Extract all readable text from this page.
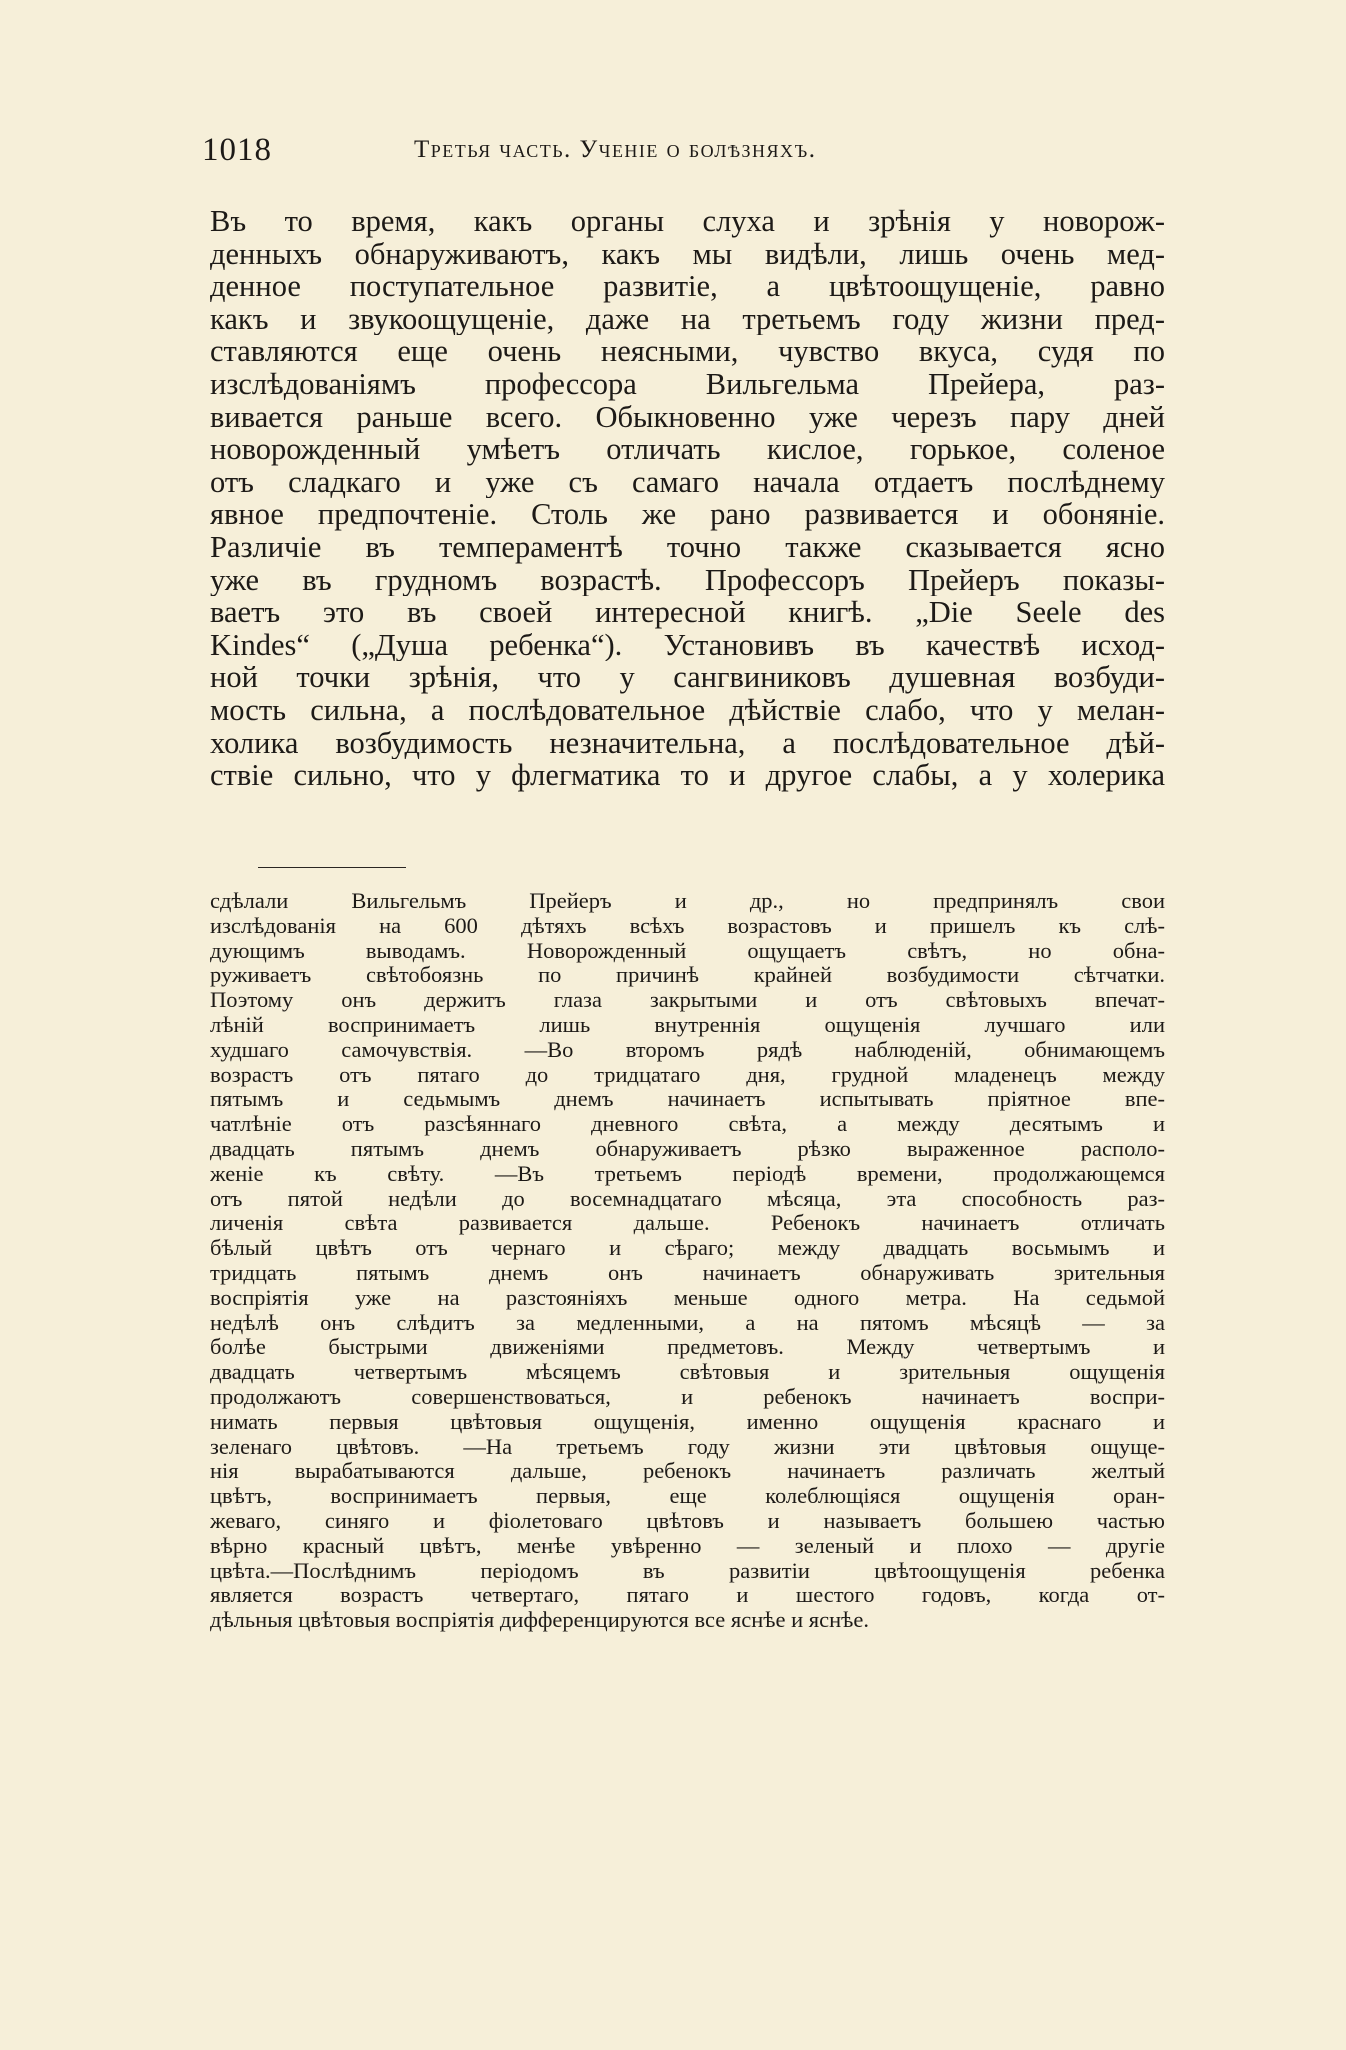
1018	Третья часть. Ученіе о болѣзняхъ.
Въ то время, какъ органы слуха и зрѣнія у новорож-
денныхъ обнаруживаютъ, какъ мы видѣли, лишь очень мед-
денное поступательное развитіе, а цвѣтоощущеніе, равно
какъ и звукоощущеніе, даже на третьемъ году жизни пред-
ставляются еще очень неясными, чувство вкуса, судя по
изслѣдованіямъ профессора Вильгельма Прейера, раз-
вивается раньше всего. Обыкновенно уже черезъ пару дней
новорожденный умѣетъ отличать кислое, горькое, соленое
отъ сладкаго и уже съ самаго начала отдаетъ послѣднему
явное предпочтеніе. Столь же рано развивается и обоняніе.
Различіе въ темпераментѣ точно также сказывается ясно
уже въ грудномъ возрастѣ. Профессоръ Прейеръ показы-
ваетъ это въ своей интересной книгѣ. „Die Seele des
Kindes“ („Душа ребенка“). Установивъ въ качествѣ исход-
ной точки зрѣнія, что у сангвиниковъ душевная возбуди-
мость сильна, а послѣдовательное дѣйствіе слабо, что у мелан-
холика возбудимость незначительна, а послѣдовательное дѣй-
ствіе сильно, что у флегматика то и другое слабы, а у холерика
сдѣлали Вильгельмъ Прейеръ и др., но предпринялъ свои
изслѣдованія на 600 дѣтяхъ всѣхъ возрастовъ и пришелъ къ слѣ-
дующимъ выводамъ. Новорожденный ощущаетъ свѣтъ, но обна-
руживаетъ свѣтобоязнь по причинѣ крайней возбудимости сѣтчатки.
Поэтому онъ держитъ глаза закрытыми и отъ свѣтовыхъ впечат-
лѣній воспринимаетъ лишь внутреннія ощущенія лучшаго или
худшаго самочувствія. —Во второмъ рядѣ наблюденій, обнимающемъ
возрастъ отъ пятаго до тридцатаго дня, грудной младенецъ между
пятымъ и седьмымъ днемъ начинаетъ испытывать пріятное впе-
чатлѣніе отъ разсѣяннаго дневного свѣта, а между десятымъ и
двадцать пятымъ днемъ обнаруживаетъ рѣзко выраженное располо-
женіе къ свѣту. —Въ третьемъ періодѣ времени, продолжающемся
отъ пятой недѣли до восемнадцатаго мѣсяца, эта способность раз-
личенія свѣта развивается дальше. Ребенокъ начинаетъ отличать
бѣлый цвѣтъ отъ чернаго и сѣраго; между двадцать восьмымъ и
тридцать пятымъ днемъ онъ начинаетъ обнаруживать зрительныя
воспріятія уже на разстояніяхъ меньше одного метра. На седьмой
недѣлѣ онъ слѣдитъ за медленными, а на пятомъ мѣсяцѣ — за
болѣе быстрыми движеніями предметовъ. Между четвертымъ и
двадцать четвертымъ мѣсяцемъ свѣтовыя и зрительныя ощущенія
продолжаютъ совершенствоваться, и ребенокъ начинаетъ воспри-
нимать первыя цвѣтовыя ощущенія, именно ощущенія краснаго и
зеленаго цвѣтовъ. —На третьемъ году жизни эти цвѣтовыя ощуще-
нія вырабатываются дальше, ребенокъ начинаетъ различать желтый
цвѣтъ, воспринимаетъ первыя, еще колеблющіяся ощущенія оран-
жеваго, синяго и фіолетоваго цвѣтовъ и называетъ большею частью
вѣрно красный цвѣтъ, менѣе увѣренно — зеленый и плохо — другіе
цвѣта.—Послѣднимъ періодомъ въ развитіи цвѣтоощущенія ребенка
является возрастъ четвертаго, пятаго и шестого годовъ, когда от-
дѣльныя цвѣтовыя воспріятія дифференцируются все яснѣе и яснѣе.
